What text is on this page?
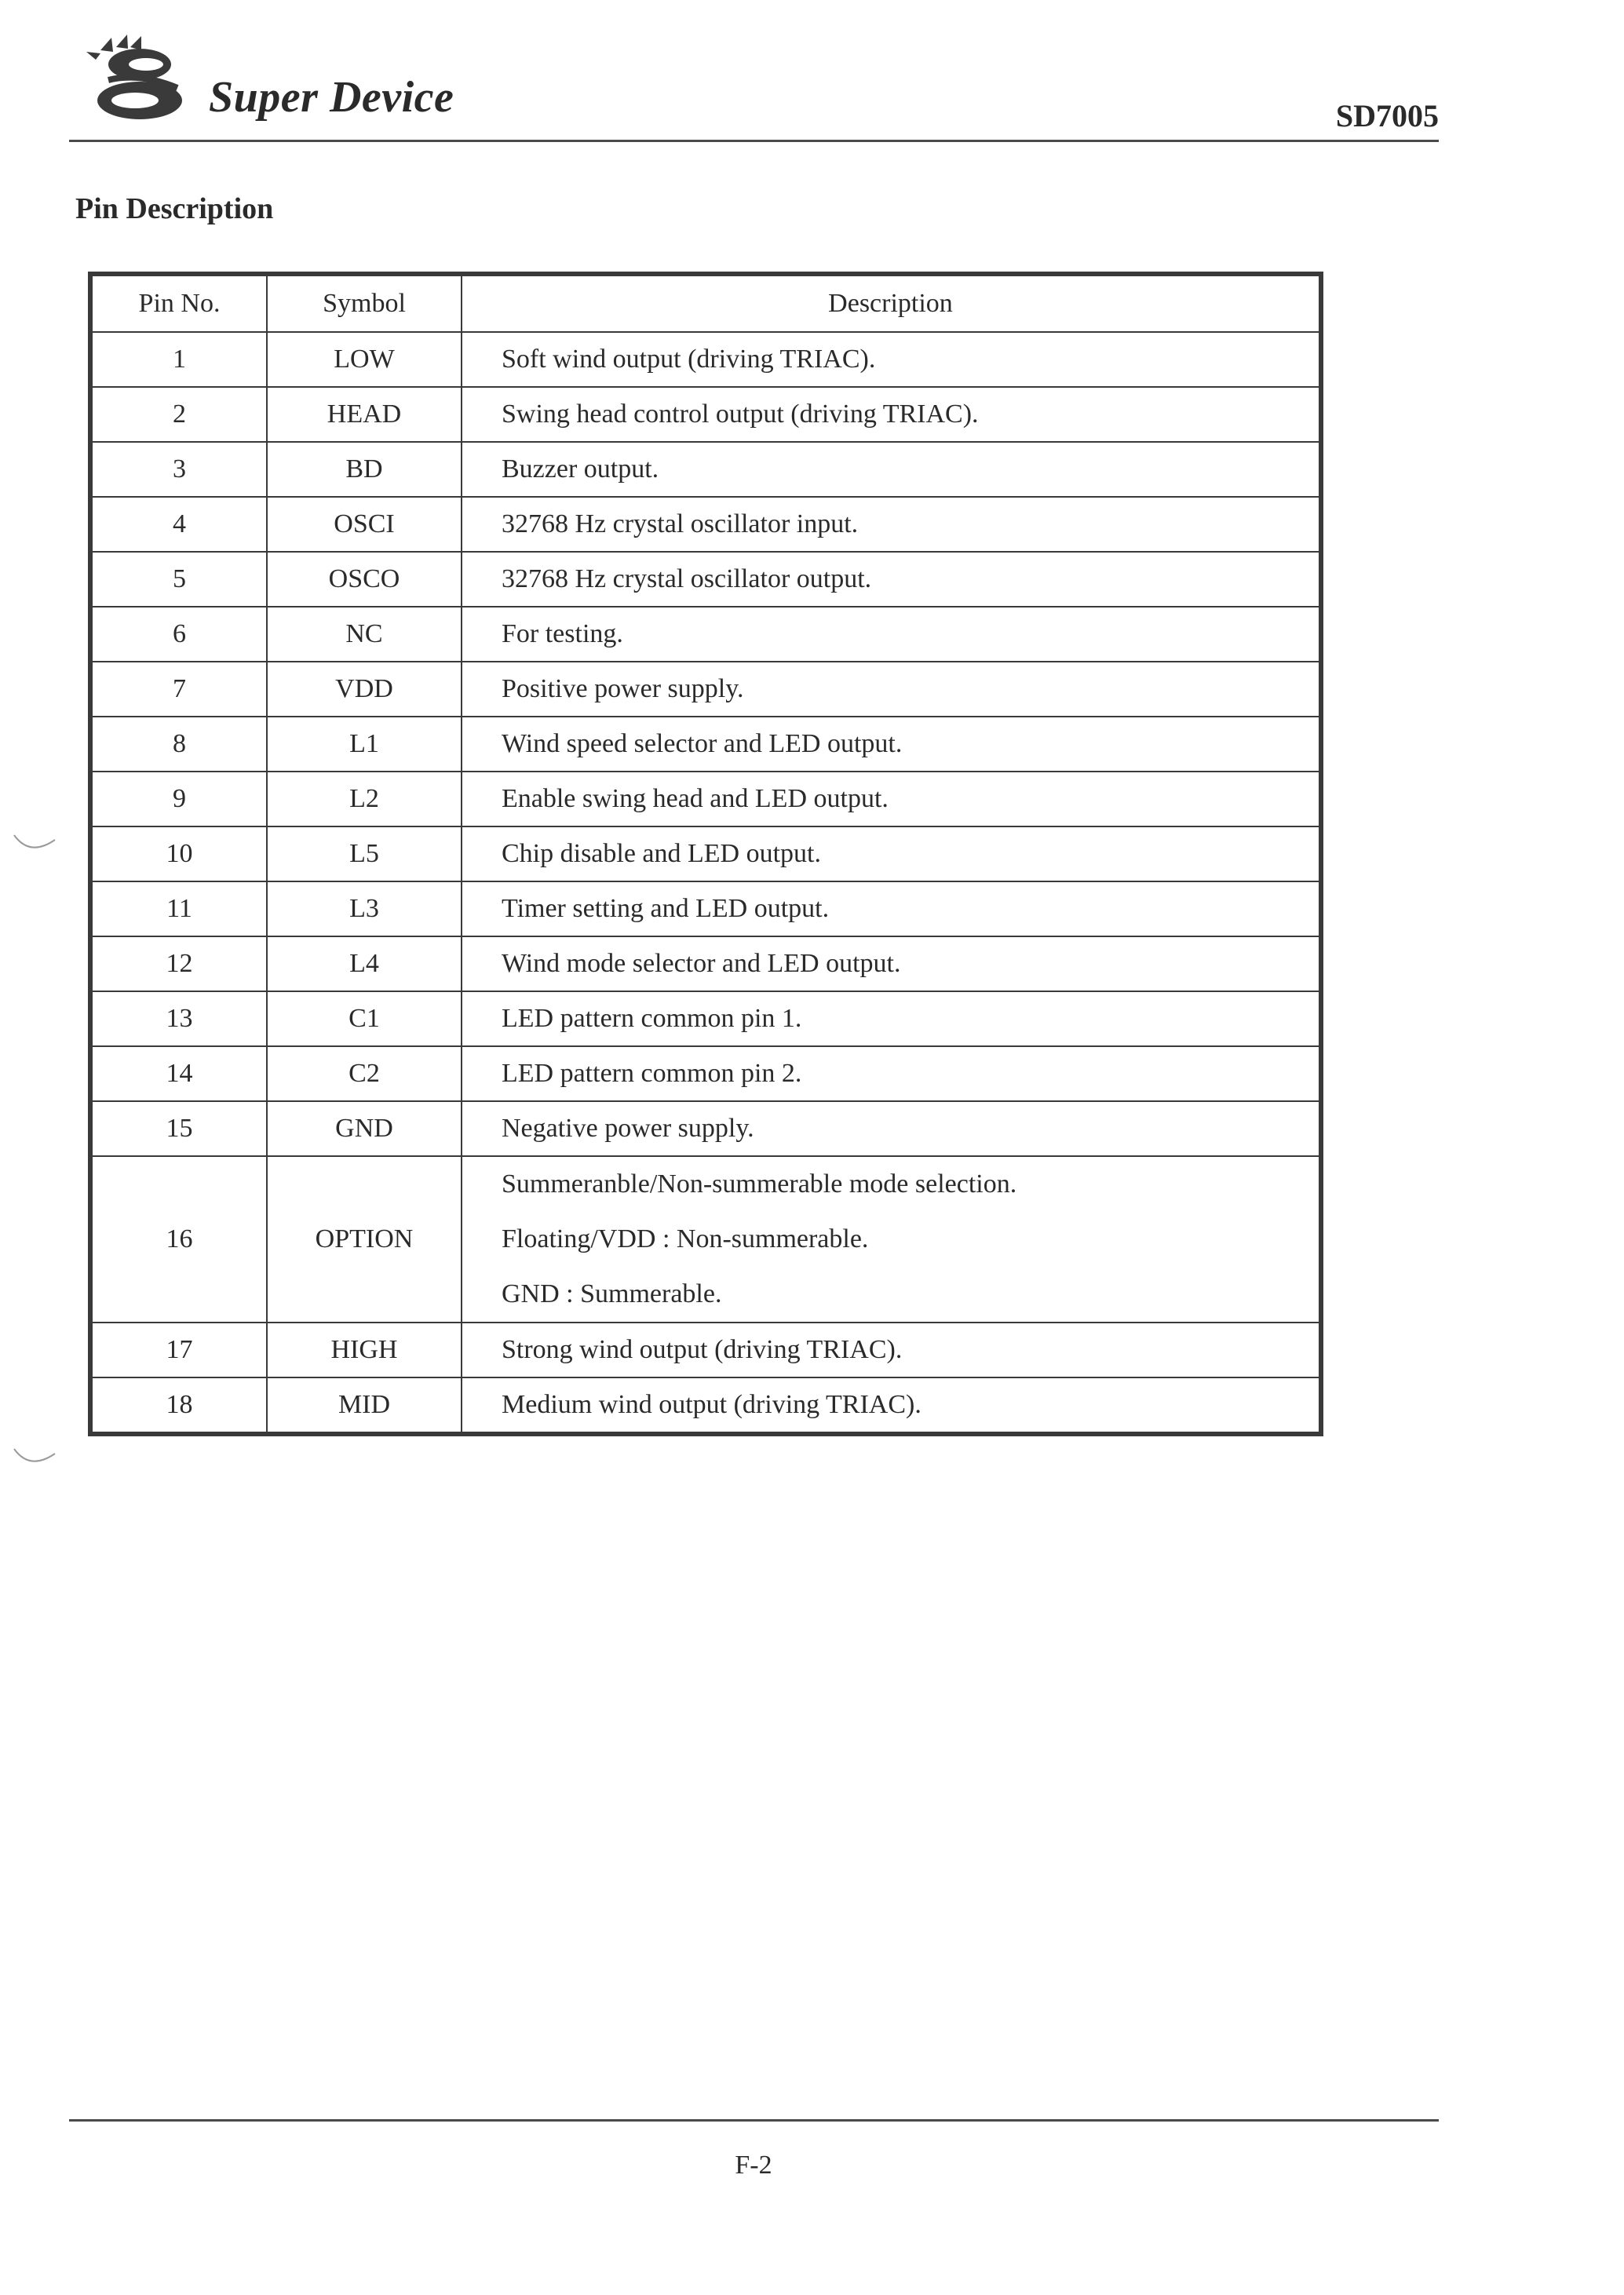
Super Device	SD7005
Pin Description
Pin No.	Symbol	Description
1	LOW	Soft wind output (driving TRIAC).
2	HEAD	Swing head control output (driving TRIAC).
3	BD	Buzzer output.
4	OSCI	32768 Hz crystal oscillator input.
5	OSCO	32768 Hz crystal oscillator output.
6	NC	For testing.
7	VDD	Positive power supply.
8	L1	Wind speed selector and LED output.
9	L2	Enable swing head and LED output.
10	L5	Chip disable and LED output.
11	L3	Timer setting and LED output.
12	L4	Wind mode selector and LED output.
13	C1	LED pattern common pin 1.
14	C2	LED pattern common pin 2.
15	GND	Negative power supply.
16	OPTION	Summeranble/Non-summerable mode selection.
Floating/VDD : Non-summerable.
GND : Summerable.

17	HIGH	Strong wind output (driving TRIAC).
18	MID	Medium wind output (driving TRIAC).
F-2
